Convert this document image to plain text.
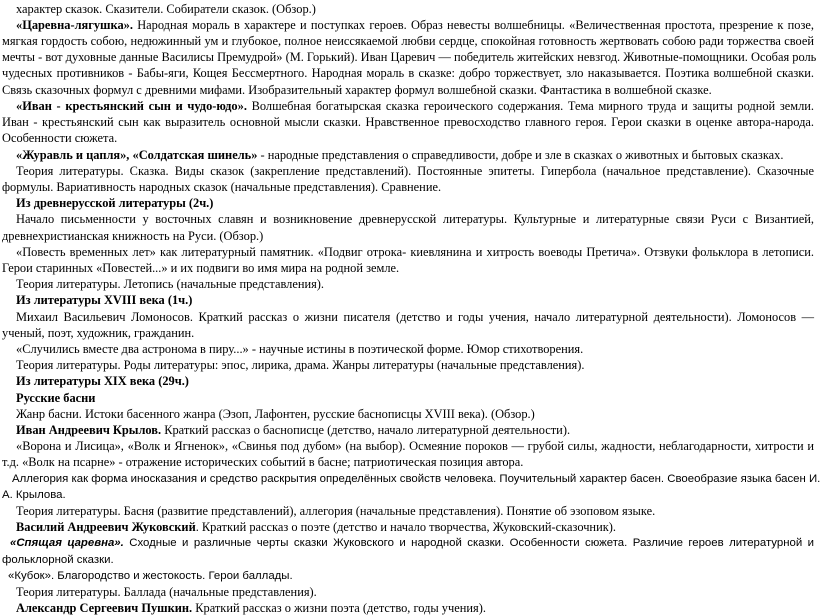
характер сказок. Сказители. Собиратели сказок. (Обзор.)
«Царевна-лягушка». Народная мораль в характере и поступках героев. Образ невесты волшебницы. «Величественная простота, презрение к позе,
мягкая гордость собою, недюжинный ум и глубокое, полное неиссякаемой любви сердце, спокойная готовность жертвовать собою ради торжества своей
мечты - вот духовные данные Василисы Премудрой» (М. Горький). Иван Царевич — победитель житейских невзгод. Животные-помощники. Особая роль
чудесных противников - Бабы-яги, Кощея Бессмертного. Народная мораль в сказке: добро торжествует, зло наказывается. Поэтика волшебной сказки.
Связь сказочных формул с древними мифами. Изобразительный характер формул волшебной сказки. Фантастика в волшебной сказке.
«Иван - крестьянский сын и чудо-юдо». Волшебная богатырская сказка героического содержания. Тема мирного труда и защиты родной земли.
Иван - крестьянский сын как выразитель основной мысли сказки. Нравственное превосходство главного героя. Герои сказки в оценке автора-народа.
Особенности сюжета.
«Журавль и цапля», «Солдатская шинель» - народные представления о справедливости, добре и зле в сказках о животных и бытовых сказках.
Теория литературы. Сказка. Виды сказок (закрепление представлений). Постоянные эпитеты. Гипербола (начальное представление). Сказочные
формулы. Вариативность народных сказок (начальные представления). Сравнение.
Из древнерусской литературы (2ч.)
Начало письменности у восточных славян и возникновение древнерусской литературы. Культурные и литературные связи Руси с Византией,
древнехристианская книжность на Руси. (Обзор.)
«Повесть временных лет» как литературный памятник. «Подвиг отрока- киевлянина и хитрость воеводы Претича». Отзвуки фольклора в летописи.
Герои старинных «Повестей...» и их подвиги во имя мира на родной земле.
Теория литературы. Летопись (начальные представления).
Из литературы XVIII века (1ч.)
Михаил Васильевич Ломоносов. Краткий рассказ о жизни писателя (детство и годы учения, начало литературной деятельности). Ломоносов —
ученый, поэт, художник, гражданин.
«Случились вместе два астронома в пиру...» - научные истины в поэтической форме. Юмор стихотворения.
Теория литературы. Роды литературы: эпос, лирика, драма. Жанры литературы (начальные представления).
Из литературы XIX века (29ч.)
Русские басни
Жанр басни. Истоки басенного жанра (Эзоп, Лафонтен, русские баснописцы XVIII века). (Обзор.)
Иван Андреевич Крылов. Краткий рассказ о баснописце (детство, начало литературной деятельности).
«Ворона и Лисица», «Волк и Ягненок», «Свинья под дубом» (на выбор). Осмеяние пороков — грубой силы, жадности, неблагодарности, хитрости и
т.д. «Волк на псарне» - отражение исторических событий в басне; патриотическая позиция автора.
Аллегория как форма иносказания и средство раскрытия определённых свойств человека. Поучительный характер басен. Своеобразие языка басен И.
А. Крылова.
Теория литературы. Басня (развитие представлений), аллегория (начальные представления). Понятие об эзоповом языке.
Василий Андреевич Жуковский. Краткий рассказ о поэте (детство и начало творчества, Жуковский-сказочник).
«Спящая царевна». Сходные и различные черты сказки Жуковского и народной сказки. Особенности сюжета. Различие героев литературной и
фольклорной сказки.
«Кубок». Благородство и жестокость. Герои баллады.
Теория литературы. Баллада (начальные представления).
Александр Сергеевич Пушкин. Краткий рассказ о жизни поэта (детство, годы учения).
